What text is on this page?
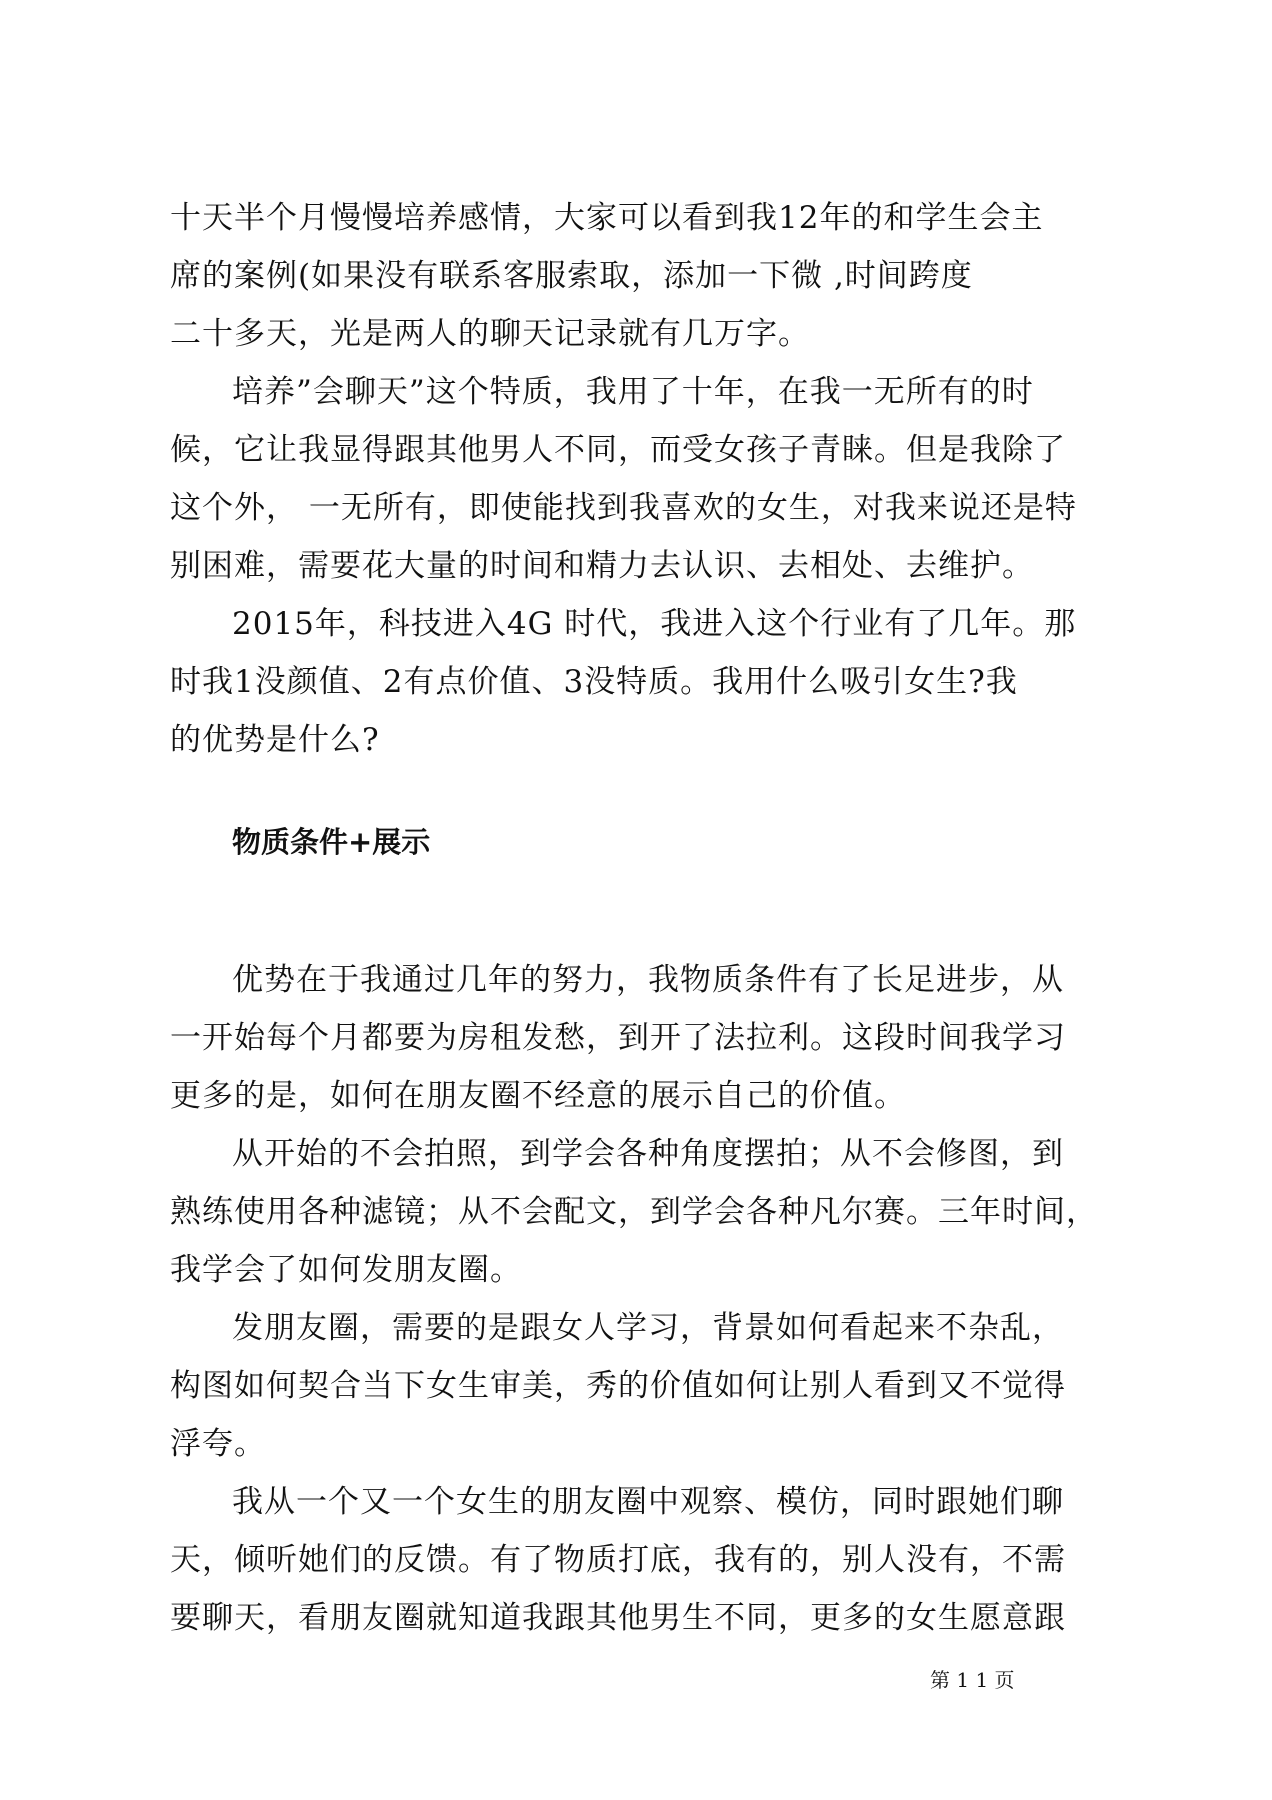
十天半个月慢慢培养感情，大家可以看到我12年的和学生会主
席的案例(如果没有联系客服索取，添加一下微 ,时间跨度
二十多天，光是两人的聊天记录就有几万字。
培养”会聊天”这个特质，我用了十年，在我一无所有的时
候，它让我显得跟其他男人不同，而受女孩子青睐。但是我除了
这个外， 一无所有，即使能找到我喜欢的女生，对我来说还是特
别困难，需要花大量的时间和精力去认识、去相处、去维护。
2015年，科技进入4G 时代，我进入这个行业有了几年。那
时我1没颜值、2有点价值、3没特质。我用什么吸引女生?我
的优势是什么?
物质条件+展示
优势在于我通过几年的努力，我物质条件有了长足进步，从
一开始每个月都要为房租发愁，到开了法拉利。这段时间我学习
更多的是，如何在朋友圈不经意的展示自己的价值。
从开始的不会拍照，到学会各种角度摆拍；从不会修图，到
熟练使用各种滤镜；从不会配文，到学会各种凡尔赛。三年时间，
我学会了如何发朋友圈。
发朋友圈，需要的是跟女人学习，背景如何看起来不杂乱，
构图如何契合当下女生审美，秀的价值如何让别人看到又不觉得
浮夸。
我从一个又一个女生的朋友圈中观察、模仿，同时跟她们聊
天，倾听她们的反馈。有了物质打底，我有的，别人没有，不需
要聊天，看朋友圈就知道我跟其他男生不同，更多的女生愿意跟
第 1 1 页
